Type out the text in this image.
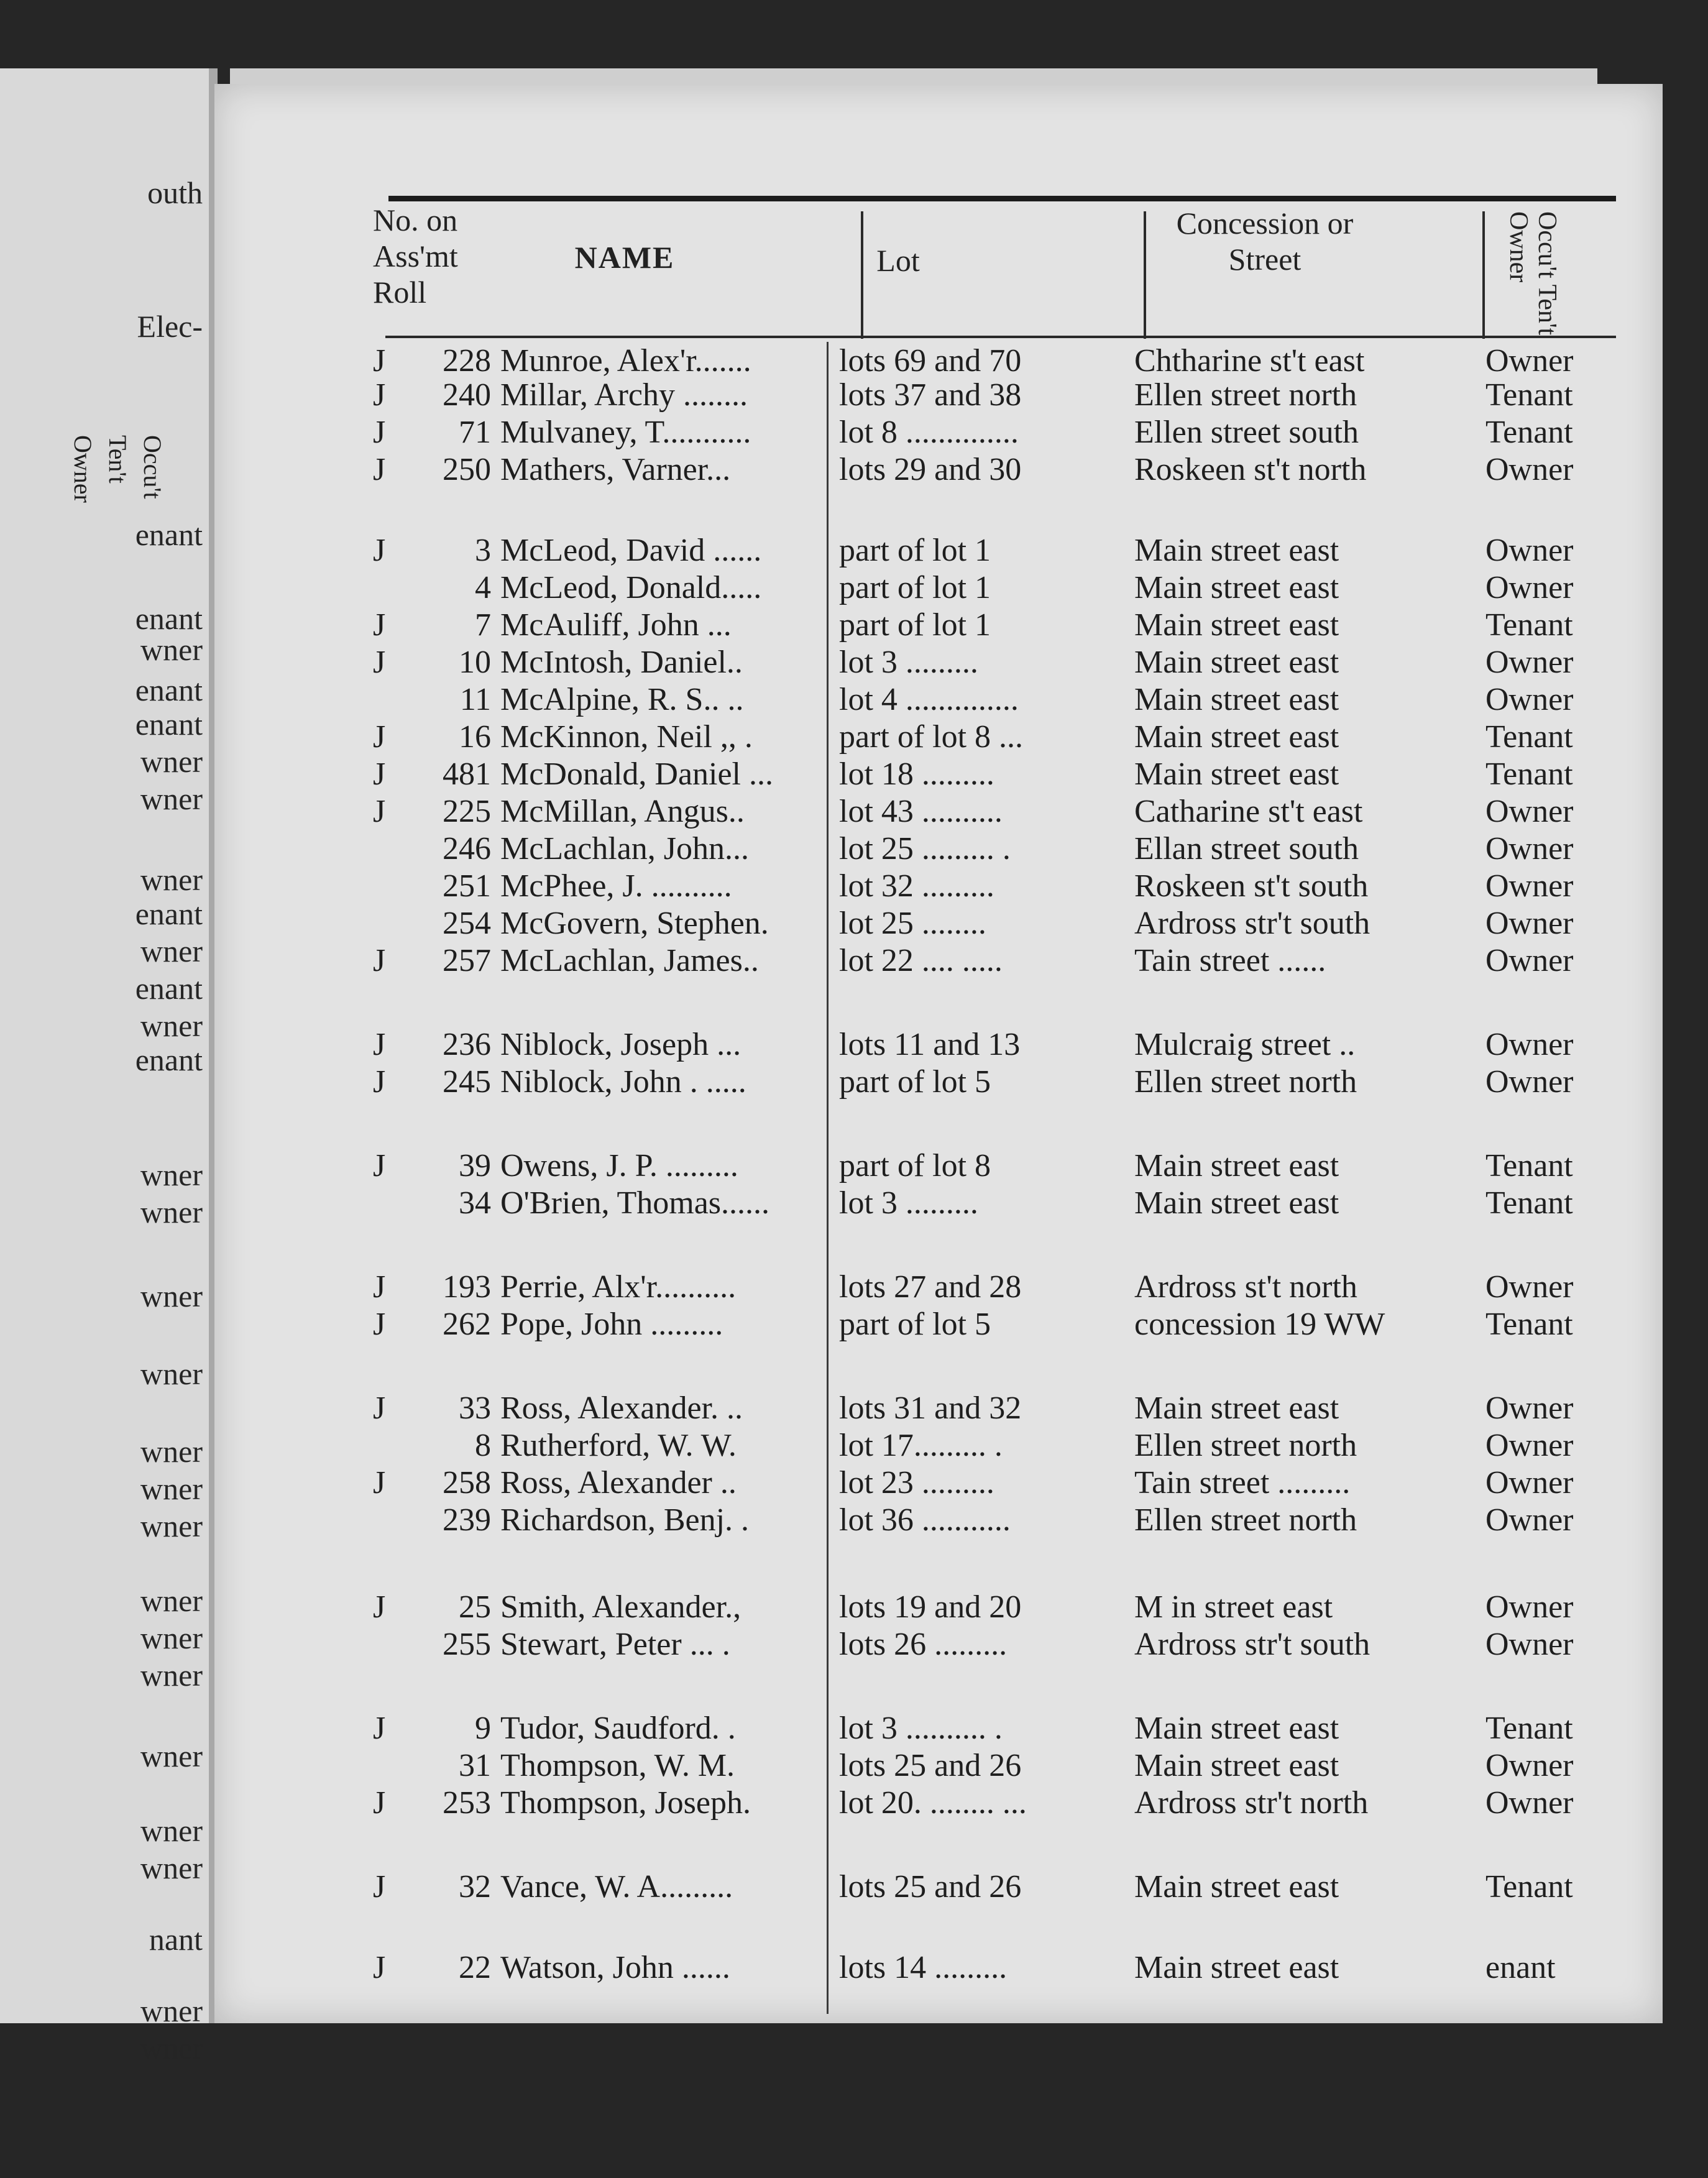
Occu't Ten't Owner
outh
Elec-
enant
enant
wner
enant
enant
wner
wner
wner
enant
wner
enant
wner
enant
wner
wner
wner
wner
wner
wner
wner
wner
wner
wner
wner
wner
wner
nant
wner
wner
No. on Ass'mt Roll
NAME	Lot
Concession or Street	Occu't Ten't Owner
J	228 Munroe, Alex'r.......	lots 69 and 70	Chtharine st't east	Owner
J	240 Millar, Archy ........	lots 37 and 38	Ellen street north	Tenant
J	71 Mulvaney, T...........	lot 8 ..............	Ellen street south	Tenant
J	250 Mathers, Varner...	lots 29 and 30	Roskeen st't north	Owner
J	3 McLeod, David ......	part of lot 1	Main street east	Owner
4 McLeod, Donald.....	part of lot 1	Main street east	Owner
J	7 McAuliff, John ...	part of lot 1	Main street east	Tenant
J	10 McIntosh, Daniel..	lot 3 .........	Main street east	Owner
11 McAlpine, R. S.. ..	lot 4 ..............	Main street east	Owner
J	16 McKinnon, Neil ,, .	part of lot 8 ...	Main street east	Tenant
J	481 McDonald, Daniel ...	lot 18 .........	Main street east	Tenant
J	225 McMillan, Angus..	lot 43 ..........	Catharine st't east	Owner
246 McLachlan, John...	lot 25 ......... .	Ellan street south	Owner
251 McPhee, J. ..........	lot 32 .........	Roskeen st't south	Owner
254 McGovern, Stephen.	lot 25 ........	Ardross str't south	Owner
J	257 McLachlan, James..	lot 22 .... .....	Tain street ......	Owner
J	236 Niblock, Joseph ...	lots 11 and 13	Mulcraig street ..	Owner
J	245 Niblock, John . .....	part of lot 5	Ellen street north	Owner
J	39 Owens, J. P. .........	part of lot 8	Main street east	Tenant
34 O'Brien, Thomas......	lot 3 .........	Main street east	Tenant
J	193 Perrie, Alx'r..........	lots 27 and 28	Ardross st't north	Owner
J	262 Pope, John .........	part of lot 5	concession 19 WW	Tenant
J	33 Ross, Alexander. ..	lots 31 and 32	Main street east	Owner
8 Rutherford, W. W.	lot 17......... .	Ellen street north	Owner
J	258 Ross, Alexander ..	lot 23 .........	Tain street .........	Owner
239 Richardson, Benj. .	lot 36 ...........	Ellen street north	Owner
J	25 Smith, Alexander.,	lots 19 and 20	M in street east	Owner
255 Stewart, Peter ... .	lots 26 .........	Ardross str't south	Owner
J	9 Tudor, Saudford. .	lot 3 .......... .	Main street east	Tenant
31 Thompson, W. M.	lots 25 and 26	Main street east	Owner
J	253 Thompson, Joseph.	lot 20. ........ ...	Ardross str't north	Owner
J	32 Vance, W. A.........	lots 25 and 26	Main street east	Tenant
J	22 Watson, John ......	lots 14 .........	Main street east	enant
